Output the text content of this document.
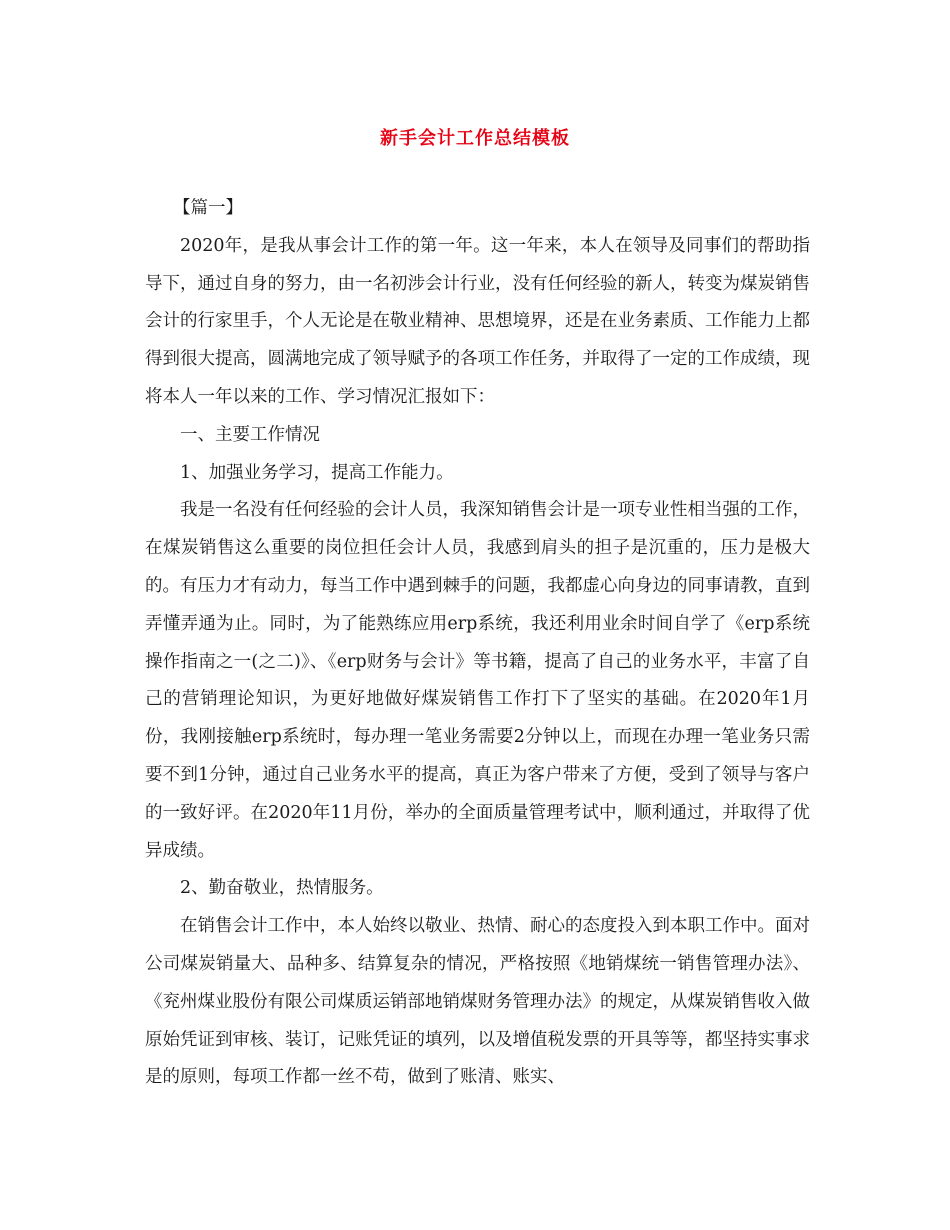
新手会计工作总结模板

【篇一】

2020年，是我从事会计工作的第一年。这一年来，本人在领导及同事们的帮助指导下，通过自身的努力，由一名初涉会计行业，没有任何经验的新人，转变为煤炭销售会计的行家里手，个人无论是在敬业精神、思想境界，还是在业务素质、工作能力上都得到很大提高，圆满地完成了领导赋予的各项工作任务，并取得了一定的工作成绩，现将本人一年以来的工作、学习情况汇报如下：

一、主要工作情况

1、加强业务学习，提高工作能力。

我是一名没有任何经验的会计人员，我深知销售会计是一项专业性相当强的工作，在煤炭销售这么重要的岗位担任会计人员，我感到肩头的担子是沉重的，压力是极大的。有压力才有动力，每当工作中遇到棘手的问题，我都虚心向身边的同事请教，直到弄懂弄通为止。同时，为了能熟练应用erp系统，我还利用业余时间自学了《erp系统操作指南之一(之二)》、《erp财务与会计》等书籍，提高了自己的业务水平，丰富了自己的营销理论知识，为更好地做好煤炭销售工作打下了坚实的基础。在2020年1月份，我刚接触erp系统时，每办理一笔业务需要2分钟以上，而现在办理一笔业务只需要不到1分钟，通过自己业务水平的提高，真正为客户带来了方便，受到了领导与客户的一致好评。在2020年11月份，举办的全面质量管理考试中，顺利通过，并取得了优异成绩。

2、勤奋敬业，热情服务。

在销售会计工作中，本人始终以敬业、热情、耐心的态度投入到本职工作中。面对公司煤炭销量大、品种多、结算复杂的情况，严格按照《地销煤统一销售管理办法》、《兖州煤业股份有限公司煤质运销部地销煤财务管理办法》的规定，从煤炭销售收入做原始凭证到审核、装订，记账凭证的填列，以及增值税发票的开具等等，都坚持实事求是的原则，每项工作都一丝不苟，做到了账清、账实、
